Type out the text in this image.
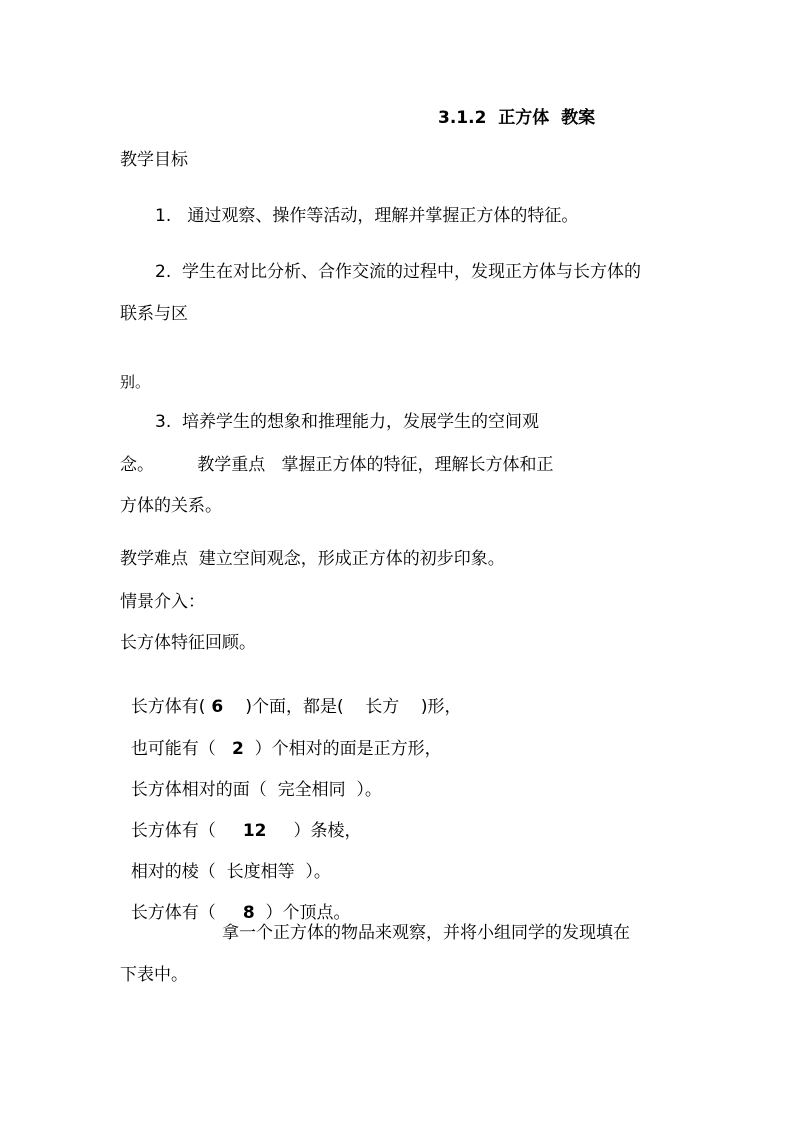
3.1.2  正方体  教案
教学目标
1.   通过观察、操作等活动，理解并掌握正方体的特征。
2.  学生在对比分析、合作交流的过程中，发现正方体与长方体的
联系与区
别。
3.  培养学生的想象和推理能力，发展学生的空间观
念。        教学重点   掌握正方体的特征，理解长方体和正
方体的关系。
教学难点  建立空间观念，形成正方体的初步印象。
情景介入：
长方体特征回顾。

长方体有( 6    )个面，都是(    长方    )形，

也可能有（   2  ）个相对的面是正方形，

长方体相对的面（  完全相同  ）。

长方体有（     12     ）条棱，

相对的棱（  长度相等  ）。

长方体有（     8  ）个顶点。

拿一个正方体的物品来观察，并将小组同学的发现填在
下表中。
